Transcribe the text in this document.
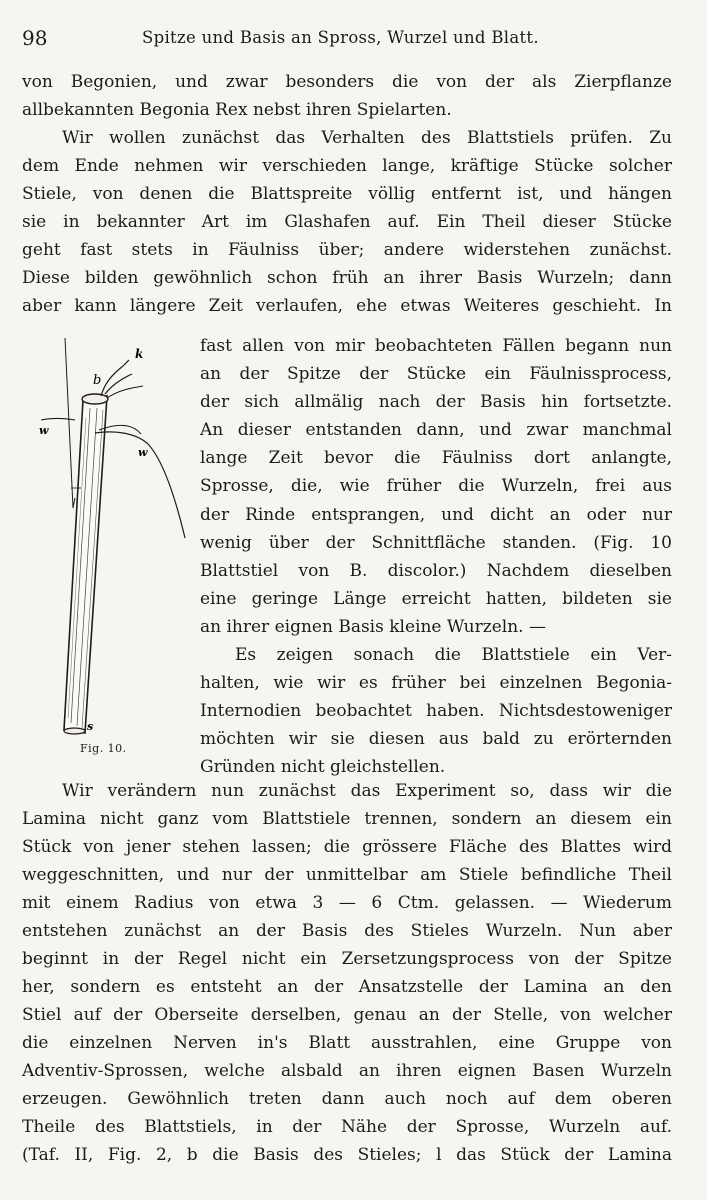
98	Spitze und Basis an Spross, Wurzel und Blatt.
von Begonien, und zwar besonders die von der als Zierpflanze
allbekannten Begonia Rex nebst ihren Spielarten.
Wir wollen zunächst das Verhalten des Blattstiels prüfen. Zu
dem Ende nehmen wir verschieden lange, kräftige Stücke solcher
Stiele, von denen die Blattspreite völlig entfernt ist, und hängen
sie in bekannter Art im Glashafen auf. Ein Theil dieser Stücke
geht fast stets in Fäulniss über; andere widerstehen zunächst.
Diese bilden gewöhnlich schon früh an ihrer Basis Wurzeln; dann
aber kann längere Zeit verlaufen, ehe etwas Weiteres geschieht. In
b
k
w
w
s
Fig. 10.
fast allen von mir beobachteten Fällen begann nun
an der Spitze der Stücke ein Fäulnissprocess,
der sich allmälig nach der Basis hin fortsetzte.
An dieser entstanden dann, und zwar manchmal
lange Zeit bevor die Fäulniss dort anlangte,
Sprosse, die, wie früher die Wurzeln, frei aus
der Rinde entsprangen, und dicht an oder nur
wenig über der Schnittfläche standen. (Fig. 10
Blattstiel von B. discolor.) Nachdem dieselben
eine geringe Länge erreicht hatten, bildeten sie
an ihrer eignen Basis kleine Wurzeln. —
Es zeigen sonach die Blattstiele ein Ver-
halten, wie wir es früher bei einzelnen Begonia-
Internodien beobachtet haben. Nichtsdestoweniger
möchten wir sie diesen aus bald zu erörternden
Gründen nicht gleichstellen.
Wir verändern nun zunächst das Experiment so, dass wir die
Lamina nicht ganz vom Blattstiele trennen, sondern an diesem ein
Stück von jener stehen lassen; die grössere Fläche des Blattes wird
weggeschnitten, und nur der unmittelbar am Stiele befindliche Theil
mit einem Radius von etwa 3 — 6 Ctm. gelassen. — Wiederum
entstehen zunächst an der Basis des Stieles Wurzeln. Nun aber
beginnt in der Regel nicht ein Zersetzungsprocess von der Spitze
her, sondern es entsteht an der Ansatzstelle der Lamina an den
Stiel auf der Oberseite derselben, genau an der Stelle, von welcher
die einzelnen Nerven in's Blatt ausstrahlen, eine Gruppe von
Adventiv-Sprossen, welche alsbald an ihren eignen Basen Wurzeln
erzeugen. Gewöhnlich treten dann auch noch auf dem oberen
Theile des Blattstiels, in der Nähe der Sprosse, Wurzeln auf.
(Taf. II, Fig. 2, b die Basis des Stieles; l das Stück der Lamina
